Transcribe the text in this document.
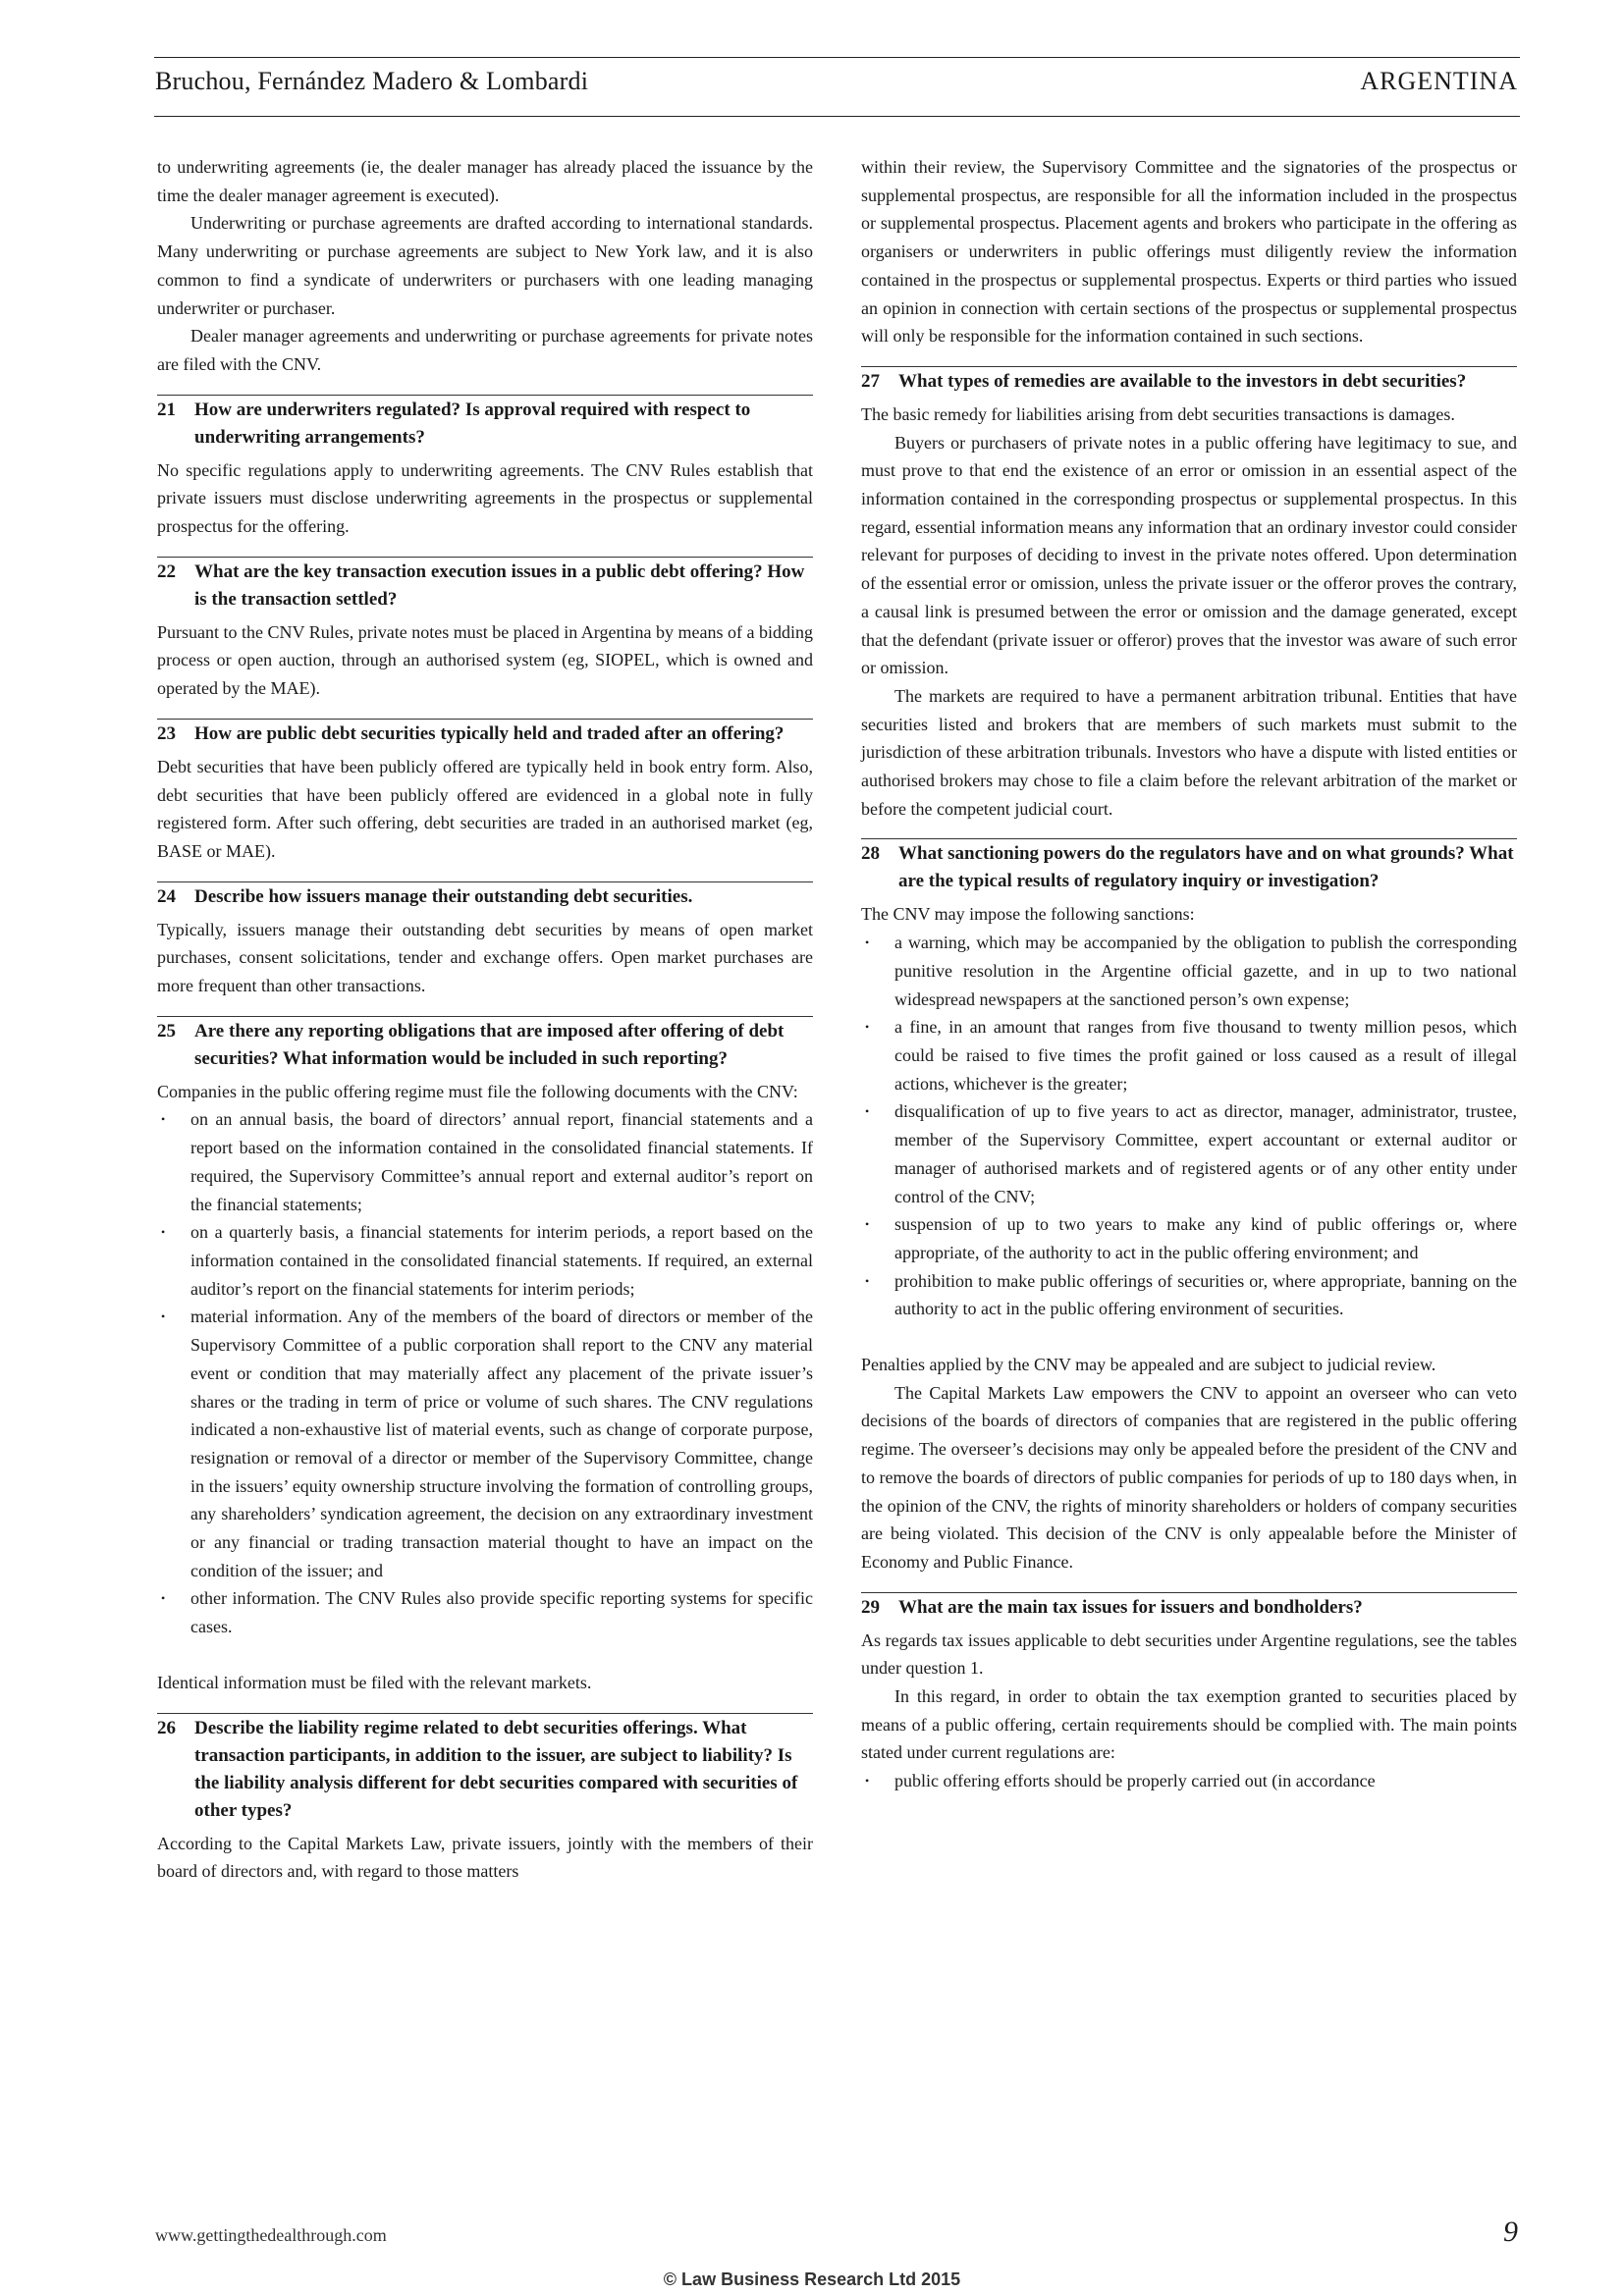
Bruchou, Fernández Madero & Lombardi	ARGENTINA

to underwriting agreements (ie, the dealer manager has already placed the issuance by the time the dealer manager agreement is executed).

Underwriting or purchase agreements are drafted according to international standards. Many underwriting or purchase agreements are subject to New York law, and it is also common to find a syndicate of underwriters or purchasers with one leading managing underwriter or purchaser.

Dealer manager agreements and underwriting or purchase agreements for private notes are filed with the CNV.

21	How are underwriters regulated? Is approval required with respect to underwriting arrangements?

No specific regulations apply to underwriting agreements. The CNV Rules establish that private issuers must disclose underwriting agreements in the prospectus or supplemental prospectus for the offering.

22	What are the key transaction execution issues in a public debt offering? How is the transaction settled?

Pursuant to the CNV Rules, private notes must be placed in Argentina by means of a bidding process or open auction, through an authorised system (eg, SIOPEL, which is owned and operated by the MAE).

23	How are public debt securities typically held and traded after an offering?

Debt securities that have been publicly offered are typically held in book entry form. Also, debt securities that have been publicly offered are evidenced in a global note in fully registered form. After such offering, debt securities are traded in an authorised market (eg, BASE or MAE).

24	Describe how issuers manage their outstanding debt securities.

Typically, issuers manage their outstanding debt securities by means of open market purchases, consent solicitations, tender and exchange offers. Open market purchases are more frequent than other transactions.

25	Are there any reporting obligations that are imposed after offering of debt securities? What information would be included in such reporting?

Companies in the public offering regime must file the following documents with the CNV:

• on an annual basis, the board of directors’ annual report, financial statements and a report based on the information contained in the consolidated financial statements. If required, the Supervisory Committee’s annual report and external auditor’s report on the financial statements;
• on a quarterly basis, a financial statements for interim periods, a report based on the information contained in the consolidated financial statements. If required, an external auditor’s report on the financial statements for interim periods;
• material information. Any of the members of the board of directors or member of the Supervisory Committee of a public corporation shall report to the CNV any material event or condition that may materially affect any placement of the private issuer’s shares or the trading in term of price or volume of such shares. The CNV regulations indicated a non-exhaustive list of material events, such as change of corporate purpose, resignation or removal of a director or member of the Supervisory Committee, change in the issuers’ equity ownership structure involving the formation of controlling groups, any shareholders’ syndication agreement, the decision on any extraordinary investment or any financial or trading transaction material thought to have an impact on the condition of the issuer; and
• other information. The CNV Rules also provide specific reporting systems for specific cases.

Identical information must be filed with the relevant markets.

26	Describe the liability regime related to debt securities offerings. What transaction participants, in addition to the issuer, are subject to liability? Is the liability analysis different for debt securities compared with securities of other types?

According to the Capital Markets Law, private issuers, jointly with the members of their board of directors and, with regard to those matters

within their review, the Supervisory Committee and the signatories of the prospectus or supplemental prospectus, are responsible for all the information included in the prospectus or supplemental prospectus. Placement agents and brokers who participate in the offering as organisers or underwriters in public offerings must diligently review the information contained in the prospectus or supplemental prospectus. Experts or third parties who issued an opinion in connection with certain sections of the prospectus or supplemental prospectus will only be responsible for the information contained in such sections.

27	What types of remedies are available to the investors in debt securities?

The basic remedy for liabilities arising from debt securities transactions is damages.

Buyers or purchasers of private notes in a public offering have legitimacy to sue, and must prove to that end the existence of an error or omission in an essential aspect of the information contained in the corresponding prospectus or supplemental prospectus. In this regard, essential information means any information that an ordinary investor could consider relevant for purposes of deciding to invest in the private notes offered. Upon determination of the essential error or omission, unless the private issuer or the offeror proves the contrary, a causal link is presumed between the error or omission and the damage generated, except that the defendant (private issuer or offeror) proves that the investor was aware of such error or omission.

The markets are required to have a permanent arbitration tribunal. Entities that have securities listed and brokers that are members of such markets must submit to the jurisdiction of these arbitration tribunals. Investors who have a dispute with listed entities or authorised brokers may chose to file a claim before the relevant arbitration of the market or before the competent judicial court.

28	What sanctioning powers do the regulators have and on what grounds? What are the typical results of regulatory inquiry or investigation?

The CNV may impose the following sanctions:

• a warning, which may be accompanied by the obligation to publish the corresponding punitive resolution in the Argentine official gazette, and in up to two national widespread newspapers at the sanctioned person’s own expense;
• a fine, in an amount that ranges from five thousand to twenty million pesos, which could be raised to five times the profit gained or loss caused as a result of illegal actions, whichever is the greater;
• disqualification of up to five years to act as director, manager, administrator, trustee, member of the Supervisory Committee, expert accountant or external auditor or manager of authorised markets and of registered agents or of any other entity under control of the CNV;
• suspension of up to two years to make any kind of public offerings or, where appropriate, of the authority to act in the public offering environment; and
• prohibition to make public offerings of securities or, where appropriate, banning on the authority to act in the public offering environment of securities.

Penalties applied by the CNV may be appealed and are subject to judicial review.

The Capital Markets Law empowers the CNV to appoint an overseer who can veto decisions of the boards of directors of companies that are registered in the public offering regime. The overseer’s decisions may only be appealed before the president of the CNV and to remove the boards of directors of public companies for periods of up to 180 days when, in the opinion of the CNV, the rights of minority shareholders or holders of company securities are being violated. This decision of the CNV is only appealable before the Minister of Economy and Public Finance.

29	What are the main tax issues for issuers and bondholders?

As regards tax issues applicable to debt securities under Argentine regulations, see the tables under question 1.

In this regard, in order to obtain the tax exemption granted to securities placed by means of a public offering, certain requirements should be complied with. The main points stated under current regulations are:

• public offering efforts should be properly carried out (in accordance
www.gettingthedealthrough.com	9
© Law Business Research Ltd 2015
